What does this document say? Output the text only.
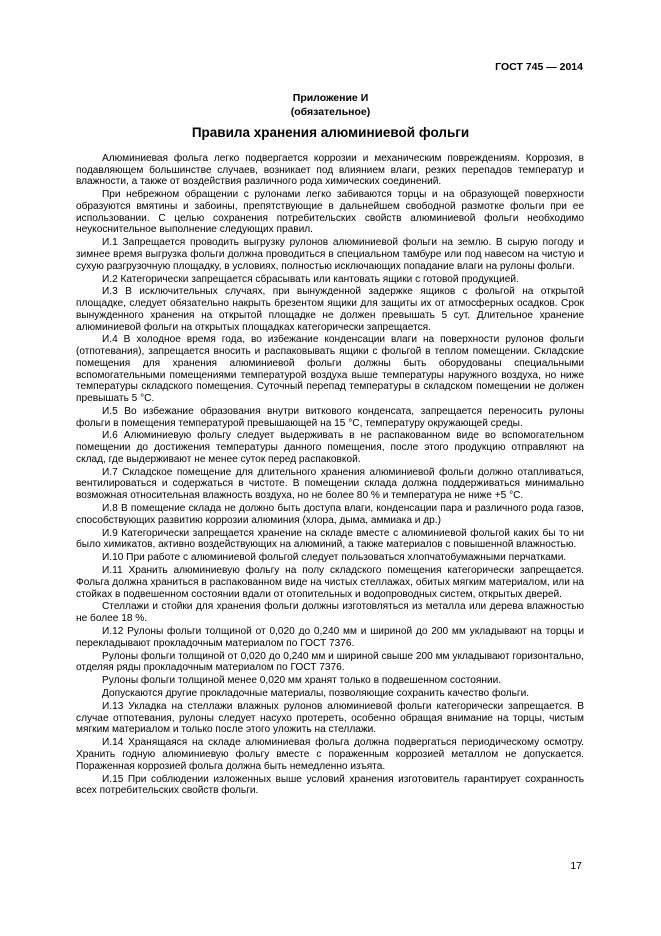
ГОСТ 745 — 2014
Приложение И
(обязательное)
Правила хранения алюминиевой фольги

Алюминиевая фольга легко подвергается коррозии и механическим повреждениям. Коррозия, в подавляющем большинстве случаев, возникает под влиянием влаги, резких перепадов температур и влажности, а также от воздействия различного рода химических соединений.

При небрежном обращении с рулонами легко забиваются торцы и на образующей поверхности образуются вмятины и забоины, препятствующие в дальнейшем свободной размотке фольги при ее использовании. С целью сохранения потребительских свойств алюминиевой фольги необходимо неукоснительное выполнение следующих правил.

И.1 Запрещается проводить выгрузку рулонов алюминиевой фольги на землю. В сырую погоду и зимнее время выгрузка фольги должна проводиться в специальном тамбуре или под навесом на чистую и сухую разгрузочную площадку, в условиях, полностью исключающих попадание влаги на рулоны фольги.

И.2 Категорически запрещается сбрасывать или кантовать ящики с готовой продукцией.

И.3 В исключительных случаях, при вынужденной задержке ящиков с фольгой на открытой площадке, следует обязательно накрыть брезентом ящики для защиты их от атмосферных осадков. Срок вынужденного хранения на открытой площадке не должен превышать 5 сут. Длительное хранение алюминиевой фольги на открытых площадках категорически запрещается.

И.4 В холодное время года, во избежание конденсации влаги на поверхности рулонов фольги (отпотевания), запрещается вносить и распаковывать ящики с фольгой в теплом помещении. Складские помещения для хранения алюминиевой фольги должны быть оборудованы специальными вспомогательными помещениями температурой воздуха выше температуры наружного воздуха, но ниже температуры складского помещения. Суточный перепад температуры в складском помещении не должен превышать 5 °С.

И.5 Во избежание образования внутри виткового конденсата, запрещается переносить рулоны фольги в помещения температурой превышающей на 15 °С, температуру окружающей среды.

И.6 Алюминиевую фольгу следует выдерживать в не распакованном виде во вспомогательном помещении до достижения температуры данного помещения, после этого продукцию отправляют на склад, где выдерживают не менее суток перед распаковкой.

И.7 Складское помещение для длительного хранения алюминиевой фольги должно отапливаться, вентилироваться и содержаться в чистоте. В помещении склада должна поддерживаться минимально возможная относительная влажность воздуха, но не более 80 % и температура не ниже +5 °С.

И.8 В помещение склада не должно быть доступа влаги, конденсации пара и различного рода газов, способствующих развитию коррозии алюминия (хлора, дыма, аммиака и др.)

И.9 Категорически запрещается хранение на складе вместе с алюминиевой фольгой каких бы то ни было химикатов, активно воздействующих на алюминий, а также материалов с повышенной влажностью.

И.10 При работе с алюминиевой фольгой следует пользоваться хлопчатобумажными перчатками.

И.11 Хранить алюминиевую фольгу на полу складского помещения категорически запрещается. Фольга должна храниться в распакованном виде на чистых стеллажах, обитых мягким материалом, или на стойках в подвешенном состоянии вдали от отопительных и водопроводных систем, открытых дверей.

Стеллажи и стойки для хранения фольги должны изготовляться из металла или дерева влажностью не более 18 %.

И.12 Рулоны фольги толщиной от 0,020 до 0,240 мм и шириной до 200 мм укладывают на торцы и перекладывают прокладочным материалом по ГОСТ 7376.

Рулоны фольги толщиной от 0,020 до 0,240 мм и шириной свыше 200 мм укладывают горизонтально, отделяя ряды прокладочным материалом по ГОСТ 7376.

Рулоны фольги толщиной менее 0,020 мм хранят только в подвешенном состоянии.

Допускаются другие прокладочные материалы, позволяющие сохранить качество фольги.

И.13 Укладка на стеллажи влажных рулонов алюминиевой фольги категорически запрещается. В случае отпотевания, рулоны следует насухо протереть, особенно обращая внимание на торцы, чистым мягким материалом и только после этого уложить на стеллажи.

И.14 Хранящаяся на складе алюминиевая фольга должна подвергаться периодическому осмотру. Хранить годную алюминиевую фольгу вместе с пораженным коррозией металлом не допускается. Пораженная коррозией фольга должна быть немедленно изъята.

И.15 При соблюдении изложенных выше условий хранения изготовитель гарантирует сохранность всех потребительских свойств фольги.

17
